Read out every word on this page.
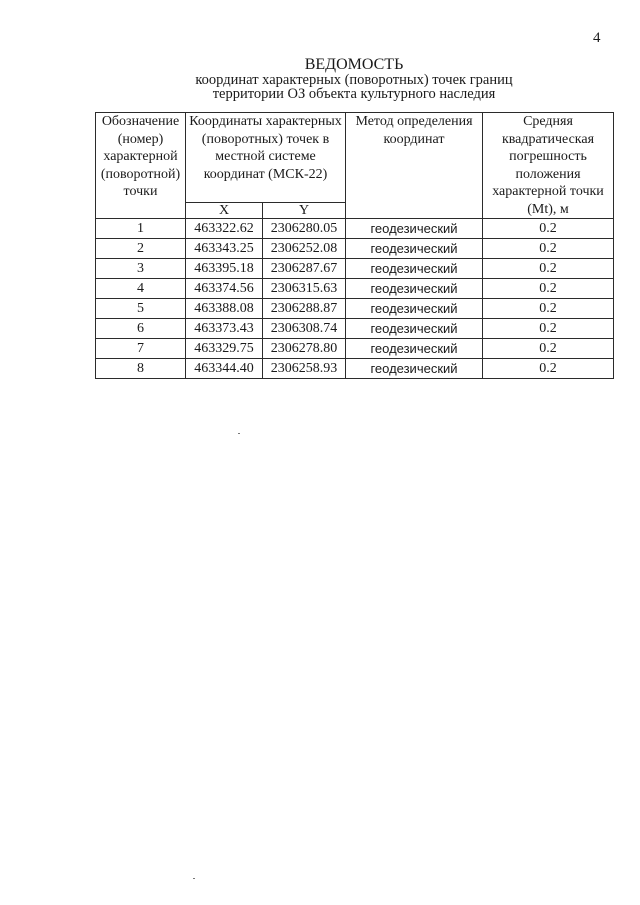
4
ВЕДОМОСТЬ
координат характерных (поворотных) точек границ
территории ОЗ объекта культурного наследия
Обозначение (номер) характерной (поворотной) точки	Координаты характерных (поворотных) точек в местной системе координат (МСК-22)		Метод определения координат	Средняя квадратическая погрешность положения характерной точки (Mt), м
	X	Y		
1	463322.62	2306280.05	геодезический	0.2
2	463343.25	2306252.08	геодезический	0.2
3	463395.18	2306287.67	геодезический	0.2
4	463374.56	2306315.63	геодезический	0.2
5	463388.08	2306288.87	геодезический	0.2
6	463373.43	2306308.74	геодезический	0.2
7	463329.75	2306278.80	геодезический	0.2
8	463344.40	2306258.93	геодезический	0.2
